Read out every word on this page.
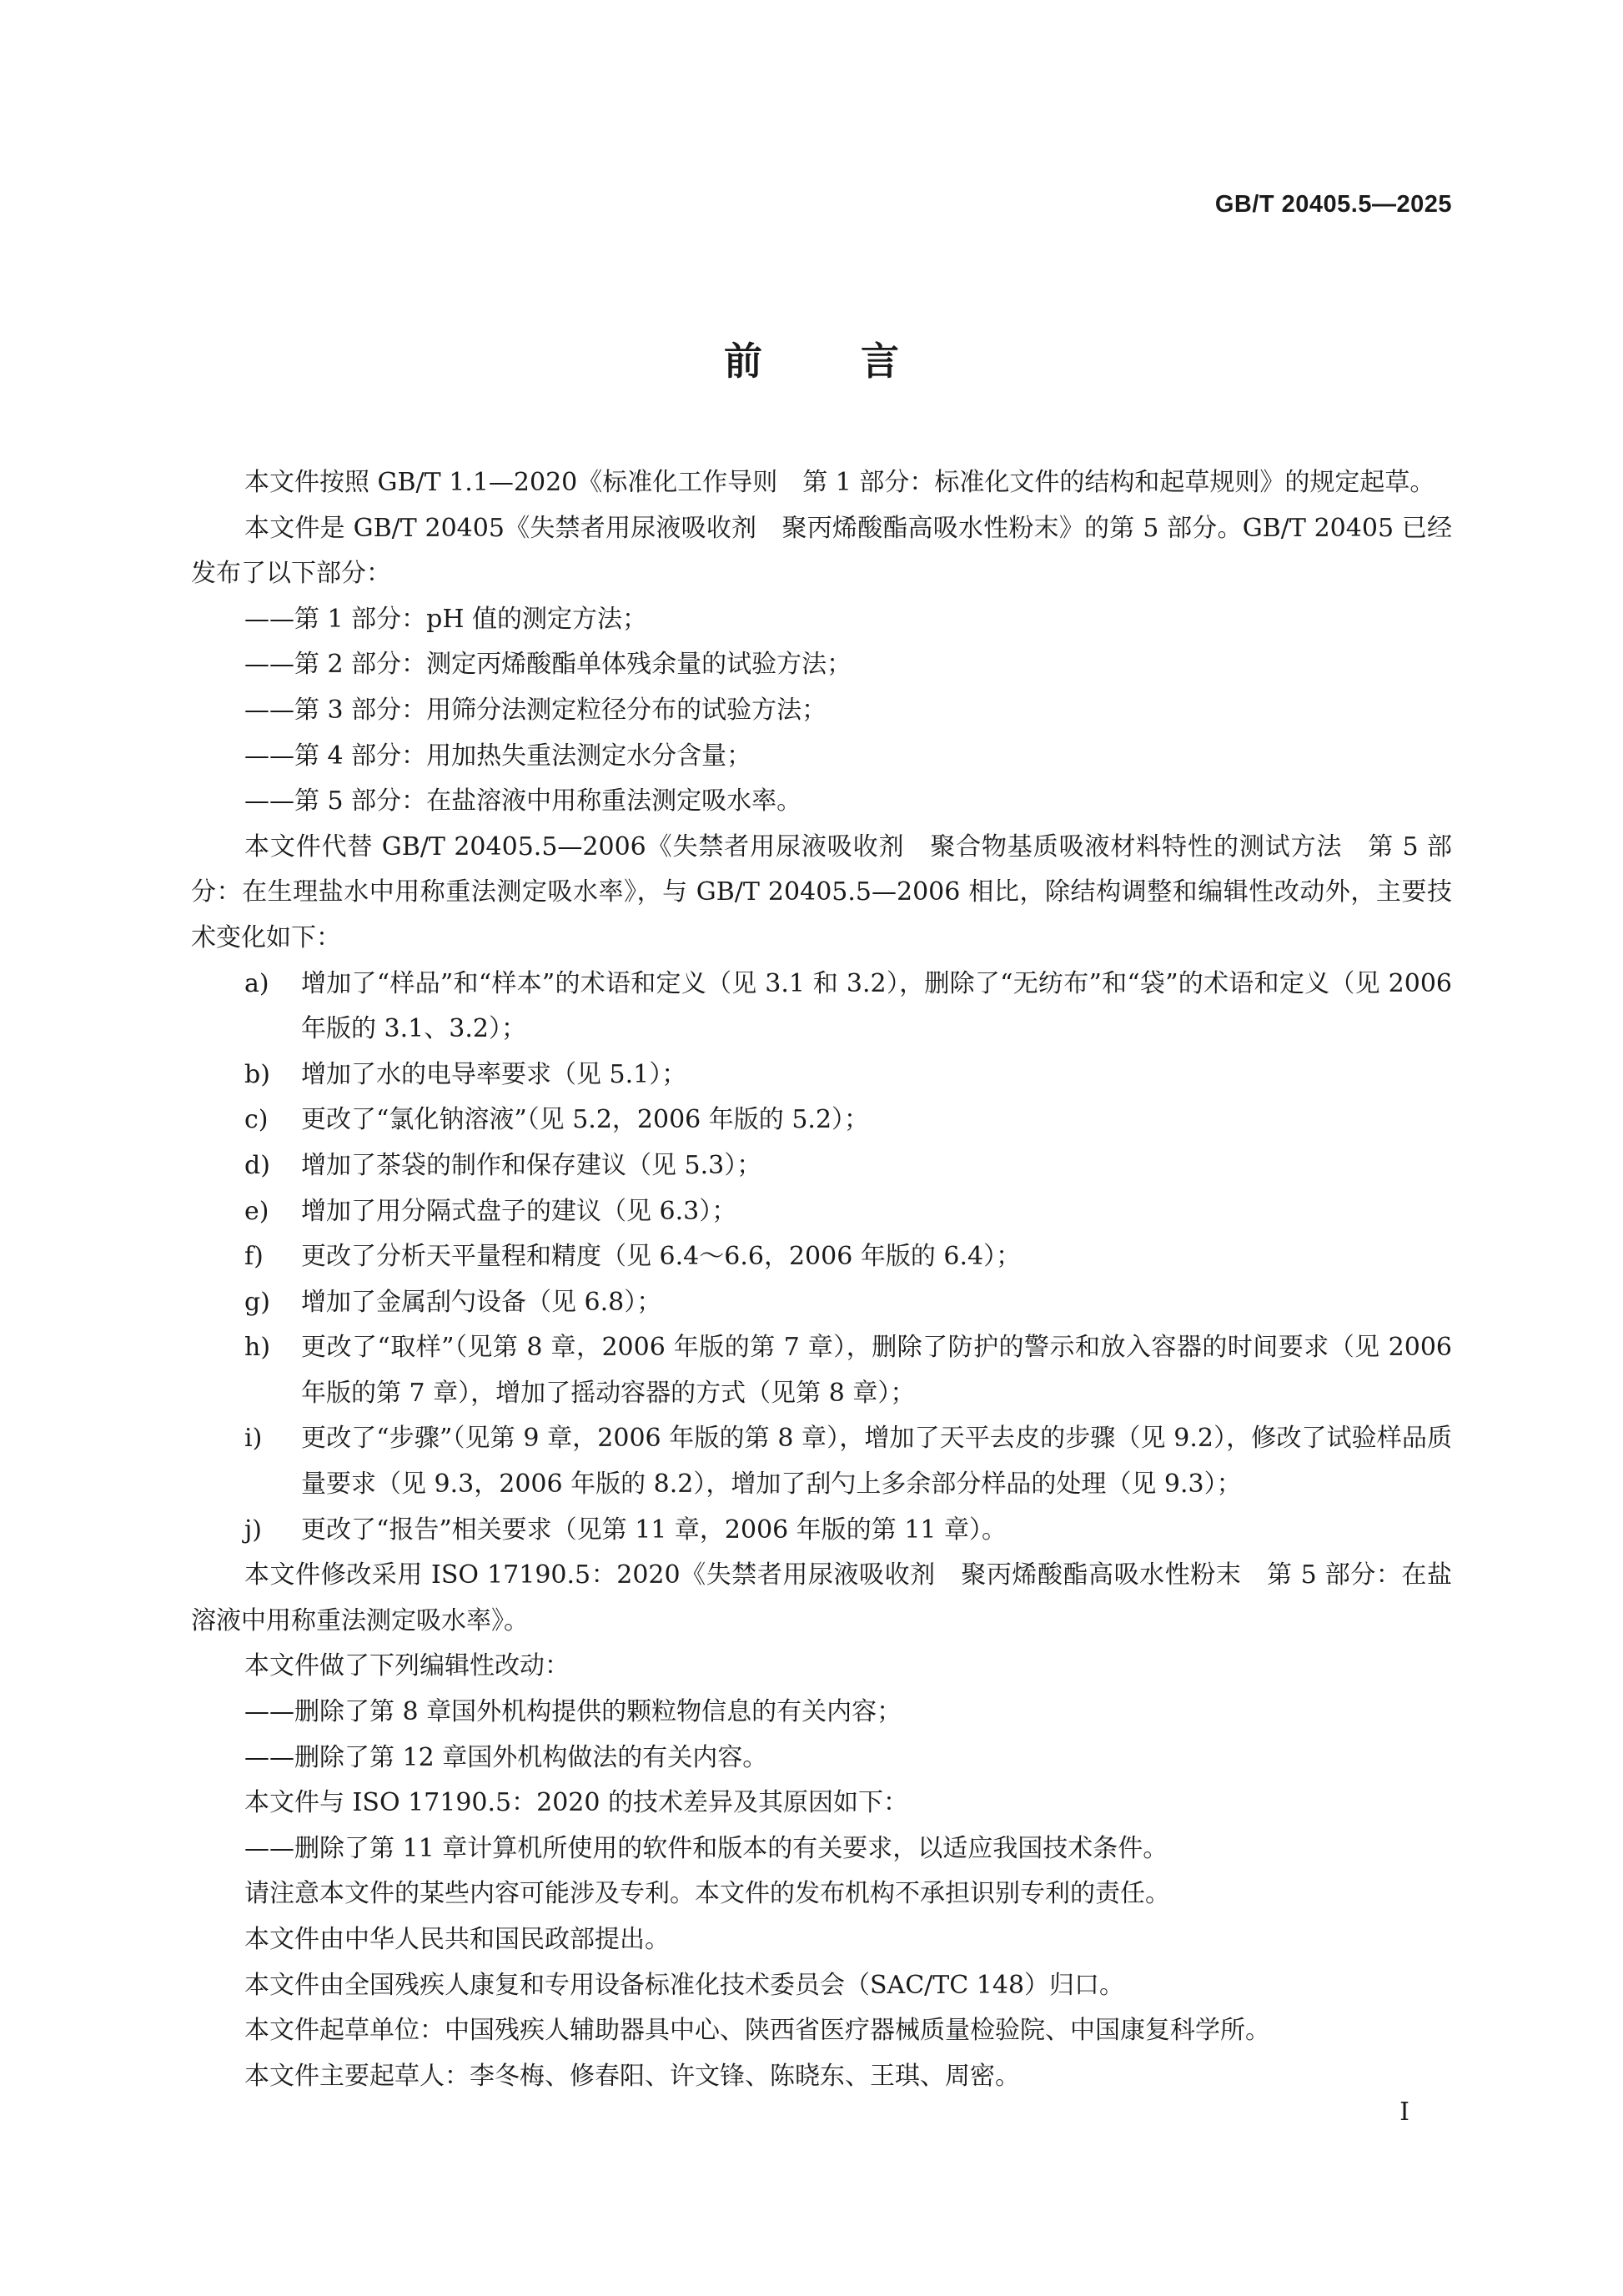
GB/T 20405.5—2025
前言

本文件按照 GB/T 1.1—2020《标准化工作导则　第 1 部分：标准化文件的结构和起草规则》的规定起草。

本文件是 GB/T 20405《失禁者用尿液吸收剂　聚丙烯酸酯高吸水性粉末》的第 5 部分。GB/T 20405 已经发布了以下部分：

——第 1 部分：pH 值的测定方法；

——第 2 部分：测定丙烯酸酯单体残余量的试验方法；

——第 3 部分：用筛分法测定粒径分布的试验方法；

——第 4 部分：用加热失重法测定水分含量；

——第 5 部分：在盐溶液中用称重法测定吸水率。

本文件代替 GB/T 20405.5—2006《失禁者用尿液吸收剂　聚合物基质吸液材料特性的测试方法　第 5 部分：在生理盐水中用称重法测定吸水率》，与 GB/T 20405.5—2006 相比，除结构调整和编辑性改动外，主要技术变化如下：

a) 增加了“样品”和“样本”的术语和定义（见 3.1 和 3.2），删除了“无纺布”和“袋”的术语和定义（见 2006 年版的 3.1、3.2）；
b) 增加了水的电导率要求（见 5.1）；
c) 更改了“氯化钠溶液”（见 5.2，2006 年版的 5.2）；
d) 增加了茶袋的制作和保存建议（见 5.3）；
e) 增加了用分隔式盘子的建议（见 6.3）；
f) 更改了分析天平量程和精度（见 6.4～6.6，2006 年版的 6.4）；
g) 增加了金属刮勺设备（见 6.8）；
h) 更改了“取样”（见第 8 章，2006 年版的第 7 章），删除了防护的警示和放入容器的时间要求（见 2006 年版的第 7 章），增加了摇动容器的方式（见第 8 章）；
i) 更改了“步骤”（见第 9 章，2006 年版的第 8 章），增加了天平去皮的步骤（见 9.2），修改了试验样品质量要求（见 9.3，2006 年版的 8.2），增加了刮勺上多余部分样品的处理（见 9.3）；
j) 更改了“报告”相关要求（见第 11 章，2006 年版的第 11 章）。

本文件修改采用 ISO 17190.5：2020《失禁者用尿液吸收剂　聚丙烯酸酯高吸水性粉末　第 5 部分：在盐溶液中用称重法测定吸水率》。

本文件做了下列编辑性改动：

——删除了第 8 章国外机构提供的颗粒物信息的有关内容；

——删除了第 12 章国外机构做法的有关内容。

本文件与 ISO 17190.5：2020 的技术差异及其原因如下：

——删除了第 11 章计算机所使用的软件和版本的有关要求，以适应我国技术条件。

请注意本文件的某些内容可能涉及专利。本文件的发布机构不承担识别专利的责任。

本文件由中华人民共和国民政部提出。

本文件由全国残疾人康复和专用设备标准化技术委员会（SAC/TC 148）归口。

本文件起草单位：中国残疾人辅助器具中心、陕西省医疗器械质量检验院、中国康复科学所。

本文件主要起草人：李冬梅、修春阳、许文锋、陈晓东、王琪、周密。

I
